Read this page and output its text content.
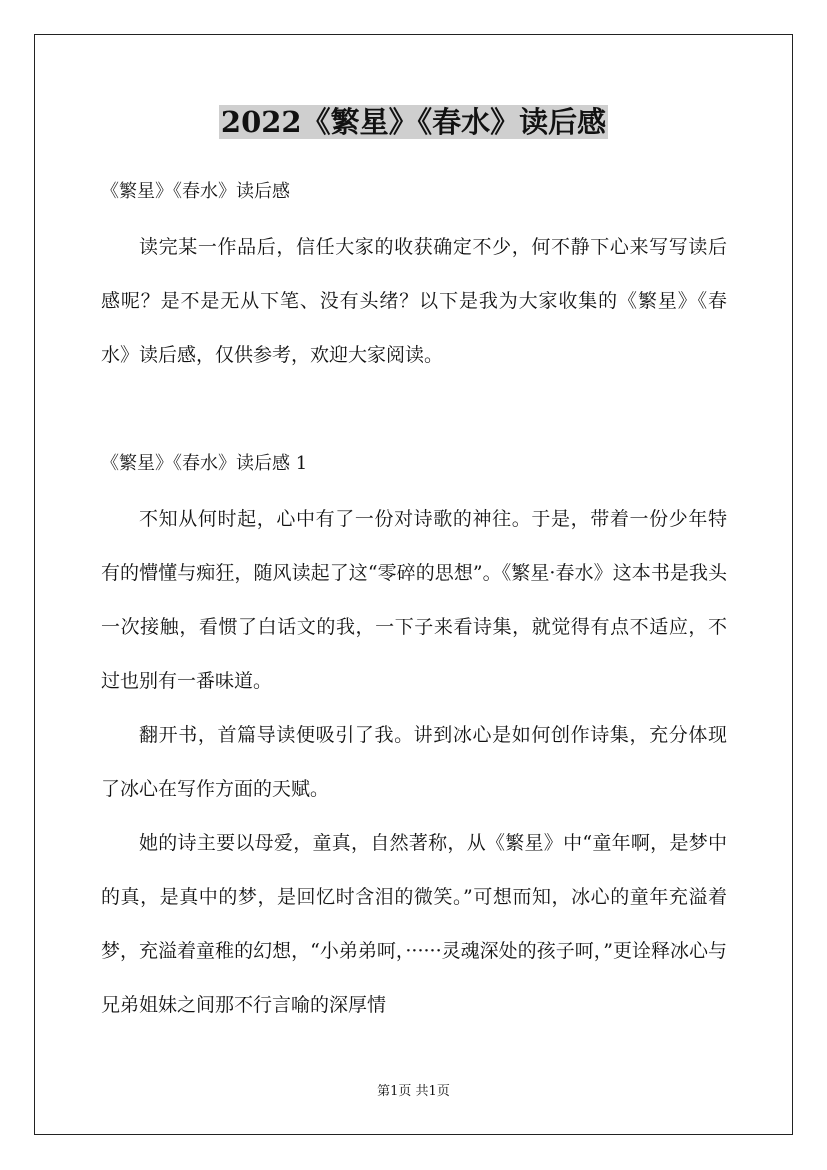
2022《繁星》《春水》读后感

《繁星》《春水》读后感

读完某一作品后，信任大家的收获确定不少，何不静下心来写写读后感呢？是不是无从下笔、没有头绪？以下是我为大家收集的《繁星》《春水》读后感，仅供参考，欢迎大家阅读。

《繁星》《春水》读后感 1

不知从何时起，心中有了一份对诗歌的神往。于是，带着一份少年特有的懵懂与痴狂，随风读起了这“零碎的思想”。《繁星·春水》这本书是我头一次接触，看惯了白话文的我，一下子来看诗集，就觉得有点不适应，不过也别有一番味道。

翻开书，首篇导读便吸引了我。讲到冰心是如何创作诗集，充分体现了冰心在写作方面的天赋。

她的诗主要以母爱，童真，自然著称，从《繁星》中“童年啊，是梦中的真，是真中的梦，是回忆时含泪的微笑。”可想而知，冰心的童年充溢着梦，充溢着童稚的幻想，“小弟弟呵，······灵魂深处的孩子呵，”更诠释冰心与兄弟姐妹之间那不行言喻的深厚情

第1页 共1页
